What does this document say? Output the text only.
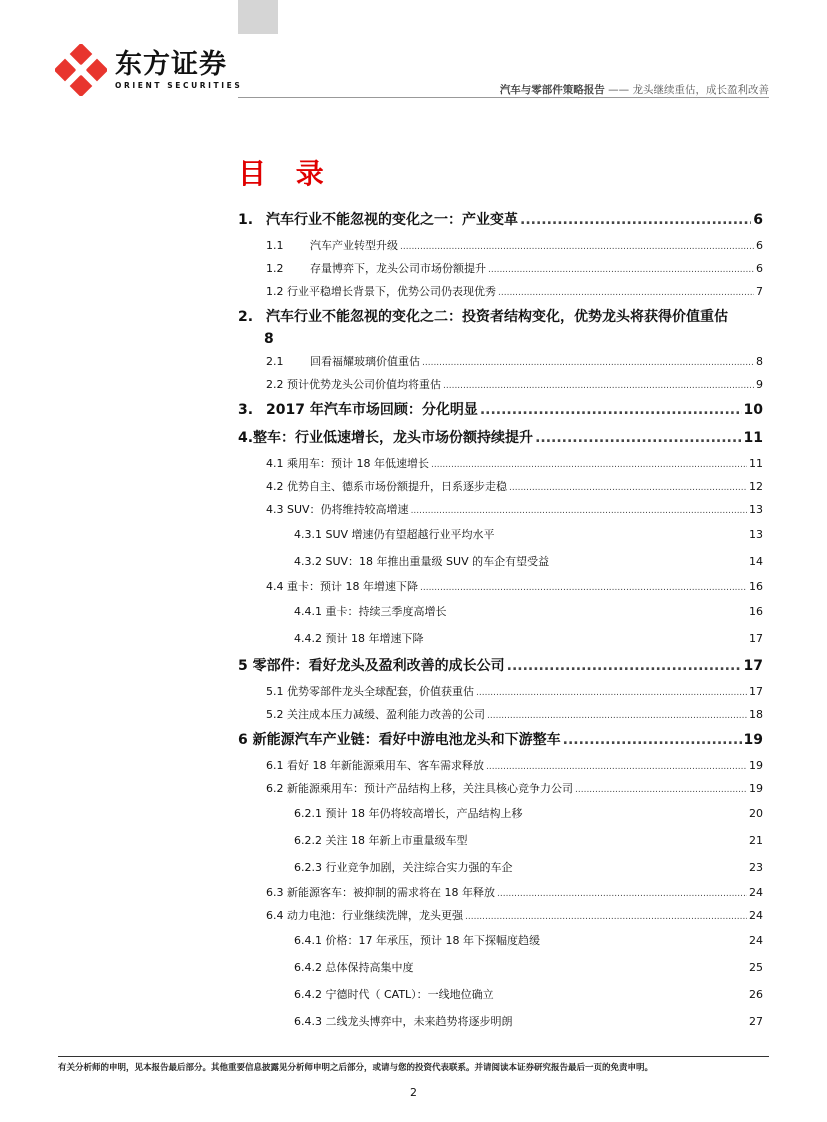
东方证券
ORIENT SECURITIES	汽车与零部件策略报告 —— 龙头继续重估，成长盈利改善
目 录
1. 汽车行业不能忽视的变化之一：产业变革 .....	6
1.1 汽车产业转型升级 .....	6
1.2 存量博弈下，龙头公司市场份额提升 .....	6
1.2 行业平稳增长背景下，优势公司仍表现优秀 .....	7
2. 汽车行业不能忽视的变化之二：投资者结构变化，优势龙头将获得价值重估
8
2.1 回看福耀玻璃价值重估 .....	8
2.2 预计优势龙头公司价值均将重估 .....	9
3. 2017 年汽车市场回顾：分化明显 .....	10
4.整车：行业低速增长，龙头市场份额持续提升 .....	11
4.1 乘用车：预计 18 年低速增长 .....	11
4.2 优势自主、德系市场份额提升，日系逐步走稳 .....	12
4.3 SUV：仍将维持较高增速 .....	13
4.3.1 SUV 增速仍有望超越行业平均水平	13
4.3.2 SUV：18 年推出重量级 SUV 的车企有望受益	14
4.4 重卡：预计 18 年增速下降 .....	16
4.4.1 重卡：持续三季度高增长	16
4.4.2 预计 18 年增速下降	17
5 零部件：看好龙头及盈利改善的成长公司 .....	17
5.1 优势零部件龙头全球配套，价值获重估 .....	17
5.2 关注成本压力减缓、盈利能力改善的公司 .....	18
6 新能源汽车产业链：看好中游电池龙头和下游整车 .....	19
6.1 看好 18 年新能源乘用车、客车需求释放 .....	19
6.2 新能源乘用车：预计产品结构上移，关注具核心竞争力公司 .....	19
6.2.1 预计 18 年仍将较高增长，产品结构上移	20
6.2.2 关注 18 年新上市重量级车型	21
6.2.3 行业竞争加剧，关注综合实力强的车企	23
6.3 新能源客车：被抑制的需求将在 18 年释放 .....	24
6.4 动力电池：行业继续洗牌，龙头更强 .....	24
6.4.1 价格：17 年承压，预计 18 年下探幅度趋缓	24
6.4.2 总体保持高集中度	25
6.4.2 宁德时代（ CATL）：一线地位确立	26
6.4.3 二线龙头博弈中，未来趋势将逐步明朗	27
有关分析师的申明，见本报告最后部分。其他重要信息披露见分析师申明之后部分，或请与您的投资代表联系。并请阅读本证券研究报告最后一页的免责申明。
2
